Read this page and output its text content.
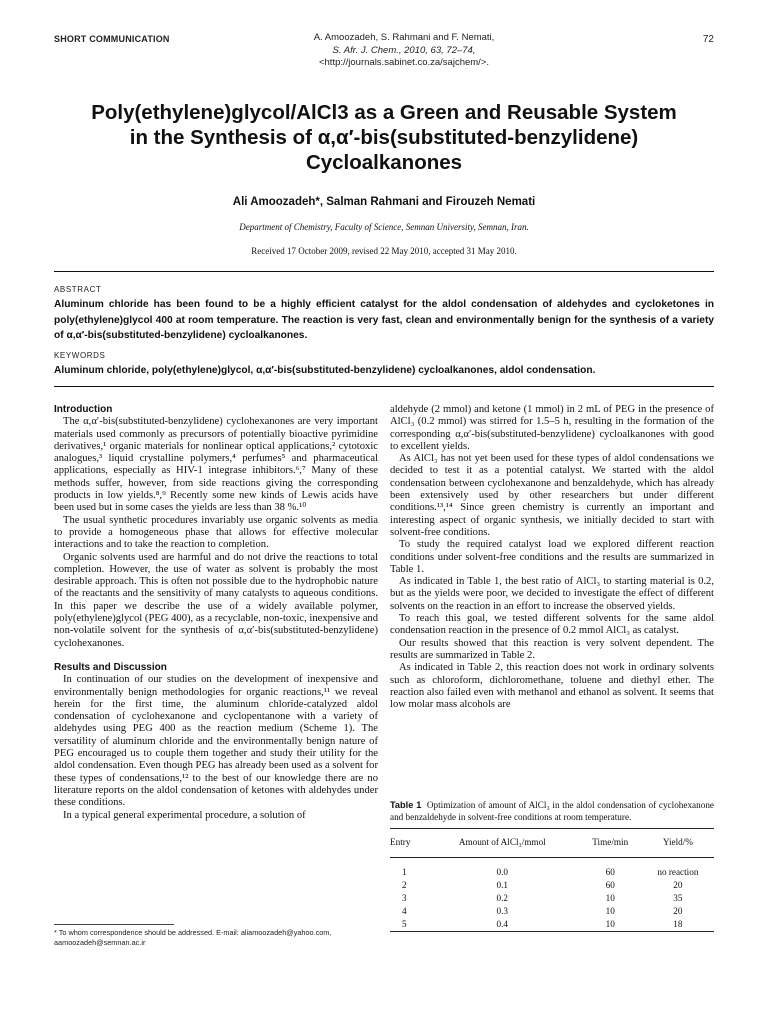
SHORT COMMUNICATION	A. Amoozadeh, S. Rahmani and F. Nemati,
S. Afr. J. Chem., 2010, 63, 72–74,
<http://journals.sabinet.co.za/sajchem/>.
72
Poly(ethylene)glycol/AlCl3 as a Green and Reusable System
in the Synthesis of α,α′-bis(substituted-benzylidene)
Cycloalkanones
Ali Amoozadeh*, Salman Rahmani and Firouzeh Nemati
Department of Chemistry, Faculty of Science, Semnan University, Semnan, Iran.
Received 17 October 2009, revised 22 May 2010, accepted 31 May 2010.
ABSTRACT
Aluminum chloride has been found to be a highly efficient catalyst for the aldol condensation of aldehydes and cycloketones in poly(ethylene)glycol 400 at room temperature. The reaction is very fast, clean and environmentally benign for the synthesis of a variety of α,α′-bis(substituted-benzylidene) cycloalkanones.
KEYWORDS
Aluminum chloride, poly(ethylene)glycol, α,α′-bis(substituted-benzylidene) cycloalkanones, aldol condensation.
Introduction

The α,α′-bis(substituted-benzylidene) cyclohexanones are very important materials used commonly as precursors of potentially bioactive pyrimidine derivatives,¹ organic materials for nonlinear optical applications,² cytotoxic analogues,³ liquid crystalline polymers,⁴ perfumes⁵ and pharmaceutical applications, especially as HIV-1 integrase inhibitors.⁶,⁷ Many of these methods suffer, however, from side reactions giving the corresponding products in low yields.⁸,⁹ Recently some new kinds of Lewis acids have been used but in some cases the yields are less than 38 %.¹⁰

The usual synthetic procedures invariably use organic solvents as media to provide a homogeneous phase that allows for effective molecular interactions and to take the reaction to completion.

Organic solvents used are harmful and do not drive the reactions to total completion. However, the use of water as solvent is probably the most desirable approach. This is often not possible due to the hydrophobic nature of the reactants and the sensitivity of many catalysts to aqueous conditions. In this paper we describe the use of a widely available polymer, poly(ethylene)glycol (PEG 400), as a recyclable, non-toxic, inexpensive and non-volatile solvent for the synthesis of α,α′-bis(substituted-benzylidene) cyclohexanones.

Results and Discussion

In continuation of our studies on the development of inexpensive and environmentally benign methodologies for organic reactions,¹¹ we reveal herein for the first time, the aluminum chloride-catalyzed aldol condensation of cyclohexanone and cyclopentanone with a variety of aldehydes using PEG 400 as the reaction medium (Scheme 1). The versatility of aluminum chloride and the environmentally benign nature of PEG encouraged us to couple them together and study their utility for the aldol condensation. Even though PEG has already been used as a solvent for these types of condensations,¹² to the best of our knowledge there are no literature reports on the aldol condensation of ketones with aldehydes under these conditions.

In a typical general experimental procedure, a solution of

* To whom correspondence should be addressed. E-mail: aliamoozadeh@yahoo.com,
aamoozadeh@semnan.ac.ir

aldehyde (2 mmol) and ketone (1 mmol) in 2 mL of PEG in the presence of AlCl₃ (0.2 mmol) was stirred for 1.5–5 h, resulting in the formation of the corresponding α,α′-bis(substituted-benzylidene) cycloalkanones with good to excellent yields.

As AlCl₃ has not yet been used for these types of aldol condensations we decided to test it as a potential catalyst. We started with the aldol condensation between cyclohexanone and benzaldehyde, which has already been extensively used by other researchers but under different conditions.¹³,¹⁴ Since green chemistry is currently an important and interesting aspect of organic synthesis, we initially decided to start with solvent-free conditions.

To study the required catalyst load we explored different reaction conditions under solvent-free conditions and the results are summarized in Table 1.

As indicated in Table 1, the best ratio of AlCl₃ to starting material is 0.2, but as the yields were poor, we decided to investigate the effect of different solvents on the reaction in an effort to increase the observed yields.

To reach this goal, we tested different solvents for the same aldol condensation reaction in the presence of 0.2 mmol AlCl₃ as catalyst.

Our results showed that this reaction is very solvent dependent. The results are summarized in Table 2.

As indicated in Table 2, this reaction does not work in ordinary solvents such as chloroform, dichloromethane, toluene and diethyl ether. The reaction also failed even with methanol and ethanol as solvent. It seems that low molar mass alcohols are

Table 1 Optimization of amount of AlCl₃ in the aldol condensation of cyclohexanone and benzaldehyde in solvent-free conditions at room temperature.
Entry	Amount of AlCl₃/mmol	Time/min	Yield/%
1	0.0	60	no reaction
2	0.1	60	20
3	0.2	10	35
4	0.3	10	20
5	0.4	10	18
